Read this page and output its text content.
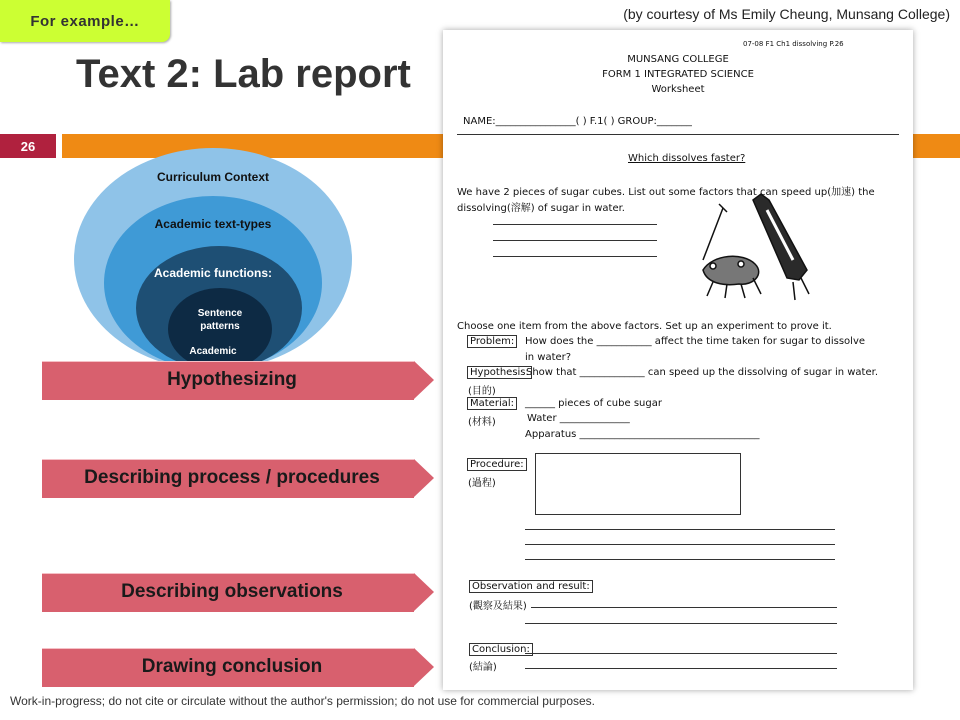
For example…	(by courtesy of Ms Emily Cheung, Munsang College)
Text 2: Lab report
26
Curriculum Context
Academic text-types
Academic functions:
Sentence patterns
Academic
Hypothesizing
Describing process / procedures
Describing observations
Drawing conclusion
07-08 F1 Ch1 dissolving P.26
MUNSANG COLLEGE
FORM 1 INTEGRATED SCIENCE
Worksheet
NAME:________________( ) F.1( ) GROUP:_______
Which dissolves faster?
We have 2 pieces of sugar cubes. List out some factors that can speed up(加速) the
dissolving(溶解) of sugar in water.
Choose one item from the above factors. Set up an experiment to prove it.
Problem:	How does the ___________ affect the time taken for sugar to dissolve
in water?
Hypothesis:
Show that _____________ can speed up the dissolving of sugar in water.
(目的)
Material:	______ pieces of cube sugar
(材料)	Water ______________
Apparatus ____________________________________
Procedure:
(過程)
Observation and result:
(觀察及結果)
Conclusion:
(結論)
Work-in-progress; do not cite or circulate without the author's permission; do not use for commercial purposes.
